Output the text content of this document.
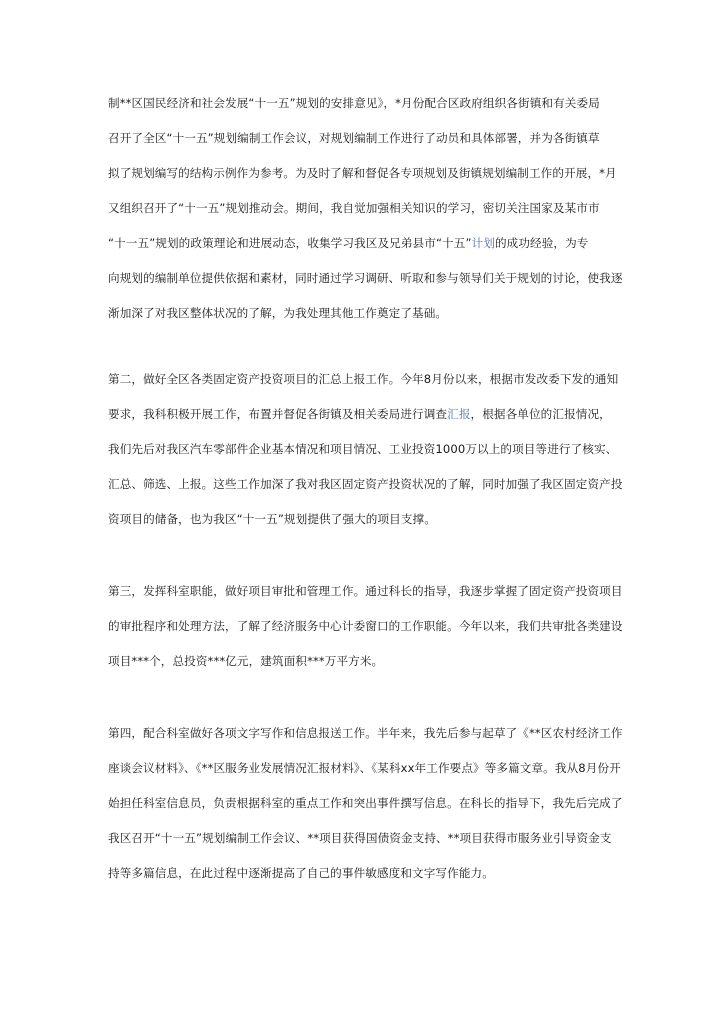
制**区国民经济和社会发展“十一五”规划的安排意见》，*月份配合区政府组织各街镇和有关委局
召开了全区“十一五”规划编制工作会议，对规划编制工作进行了动员和具体部署，并为各街镇草
拟了规划编写的结构示例作为参考。为及时了解和督促各专项规划及街镇规划编制工作的开展，*月
又组织召开了“十一五”规划推动会。期间，我自觉加强相关知识的学习，密切关注国家及某市市
“十一五”规划的政策理论和进展动态，收集学习我区及兄弟县市“十五”计划的成功经验，为专
向规划的编制单位提供依据和素材，同时通过学习调研、听取和参与领导们关于规划的讨论，使我逐
渐加深了对我区整体状况的了解，为我处理其他工作奠定了基础。
第二，做好全区各类固定资产投资项目的汇总上报工作。今年8月份以来，根据市发改委下发的通知
要求，我科积极开展工作，布置并督促各街镇及相关委局进行调查汇报，根据各单位的汇报情况，
我们先后对我区汽车零部件企业基本情况和项目情况、工业投资1000万以上的项目等进行了核实、
汇总、筛选、上报。这些工作加深了我对我区固定资产投资状况的了解，同时加强了我区固定资产投
资项目的储备，也为我区“十一五”规划提供了强大的项目支撑。
第三，发挥科室职能，做好项目审批和管理工作。通过科长的指导，我逐步掌握了固定资产投资项目
的审批程序和处理方法，了解了经济服务中心计委窗口的工作职能。今年以来，我们共审批各类建设
项目***个，总投资***亿元，建筑面积***万平方米。
第四，配合科室做好各项文字写作和信息报送工作。半年来，我先后参与起草了《**区农村经济工作
座谈会议材料》、《**区服务业发展情况汇报材料》、《某科xx年工作要点》等多篇文章。我从8月份开
始担任科室信息员，负责根据科室的重点工作和突出事件撰写信息。在科长的指导下，我先后完成了
我区召开“十一五”规划编制工作会议、**项目获得国债资金支持、**项目获得市服务业引导资金支
持等多篇信息，在此过程中逐渐提高了自己的事件敏感度和文字写作能力。
